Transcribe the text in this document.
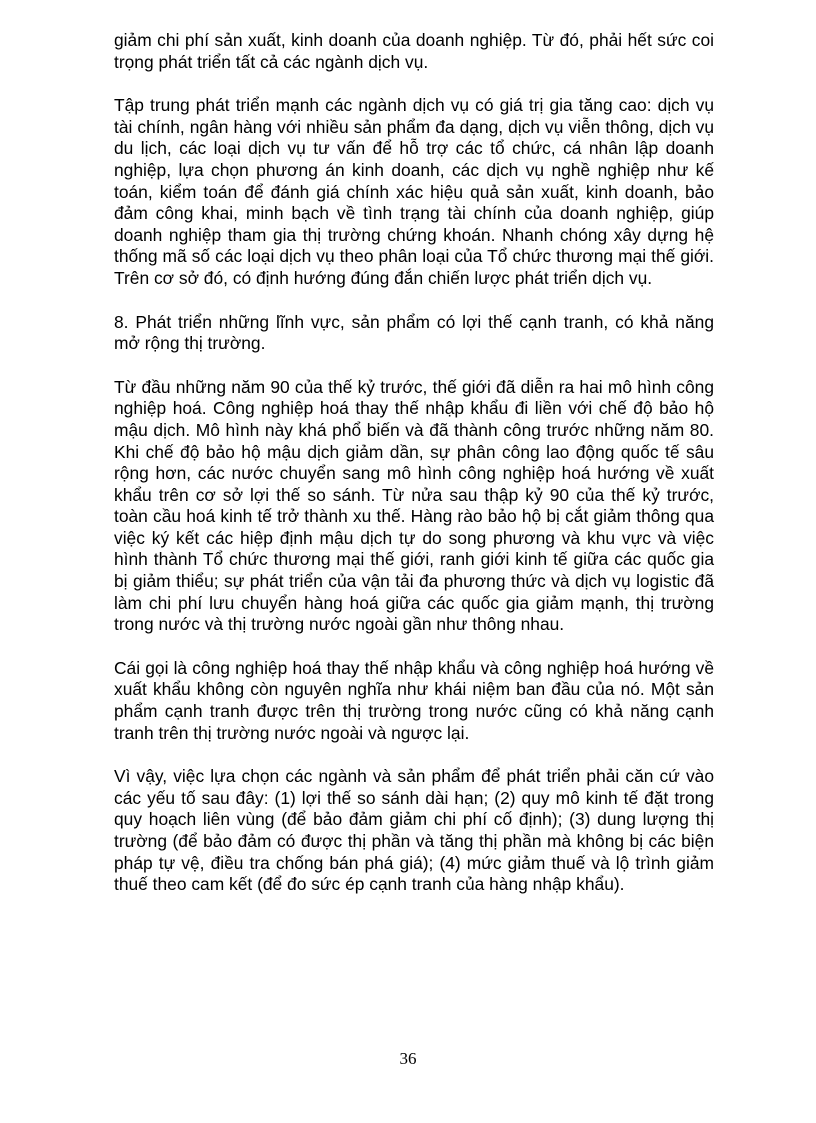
giảm chi phí sản xuất, kinh doanh của doanh nghiệp. Từ đó, phải hết sức coi trọng phát triển tất cả các ngành dịch vụ.

Tập trung phát triển mạnh các ngành dịch vụ có giá trị gia tăng cao: dịch vụ tài chính, ngân hàng với nhiều sản phẩm đa dạng, dịch vụ viễn thông, dịch vụ du lịch, các loại dịch vụ tư vấn để hỗ trợ các tổ chức, cá nhân lập doanh nghiệp, lựa chọn phương án kinh doanh, các dịch vụ nghề nghiệp như kế toán, kiểm toán để đánh giá chính xác hiệu quả sản xuất, kinh doanh, bảo đảm công khai, minh bạch về tình trạng tài chính của doanh nghiệp, giúp doanh nghiệp tham gia thị trường chứng khoán. Nhanh chóng xây dựng hệ thống mã số các loại dịch vụ theo phân loại của Tổ chức thương mại thế giới. Trên cơ sở đó, có định hướng đúng đắn chiến lược phát triển dịch vụ.

8. Phát triển những lĩnh vực, sản phẩm có lợi thế cạnh tranh, có khả năng mở rộng thị trường.

Từ đầu những năm 90 của thế kỷ trước, thế giới đã diễn ra hai mô hình công nghiệp hoá. Công nghiệp hoá thay thế nhập khẩu đi liền với chế độ bảo hộ mậu dịch. Mô hình này khá phổ biến và đã thành công trước những năm 80. Khi chế độ bảo hộ mậu dịch giảm dần, sự phân công lao động quốc tế sâu rộng hơn, các nước chuyển sang mô hình công nghiệp hoá hướng về xuất khẩu trên cơ sở lợi thế so sánh. Từ nửa sau thập kỷ 90 của thế kỷ trước, toàn cầu hoá kinh tế trở thành xu thế. Hàng rào bảo hộ bị cắt giảm thông qua việc ký kết các hiệp định mậu dịch tự do song phương và khu vực và việc hình thành Tổ chức thương mại thế giới, ranh giới kinh tế giữa các quốc gia bị giảm thiểu; sự phát triển của vận tải đa phương thức và dịch vụ logistic đã làm chi phí lưu chuyển hàng hoá giữa các quốc gia giảm mạnh, thị trường trong nước và thị trường nước ngoài gần như thông nhau.

Cái gọi là công nghiệp hoá thay thế nhập khẩu và công nghiệp hoá hướng về xuất khẩu không còn nguyên nghĩa như khái niệm ban đầu của nó. Một sản phẩm cạnh tranh được trên thị trường trong nước cũng có khả năng cạnh tranh trên thị trường nước ngoài và ngược lại.

Vì vậy, việc lựa chọn các ngành và sản phẩm để phát triển phải căn cứ vào các yếu tố sau đây: (1) lợi thế so sánh dài hạn; (2) quy mô kinh tế đặt trong quy hoạch liên vùng (để bảo đảm giảm chi phí cố định); (3) dung lượng thị trường (để bảo đảm có được thị phần và tăng thị phần mà không bị các biện pháp tự vệ, điều tra chống bán phá giá); (4) mức giảm thuế và lộ trình giảm thuế theo cam kết (để đo sức ép cạnh tranh của hàng nhập khẩu).

36
